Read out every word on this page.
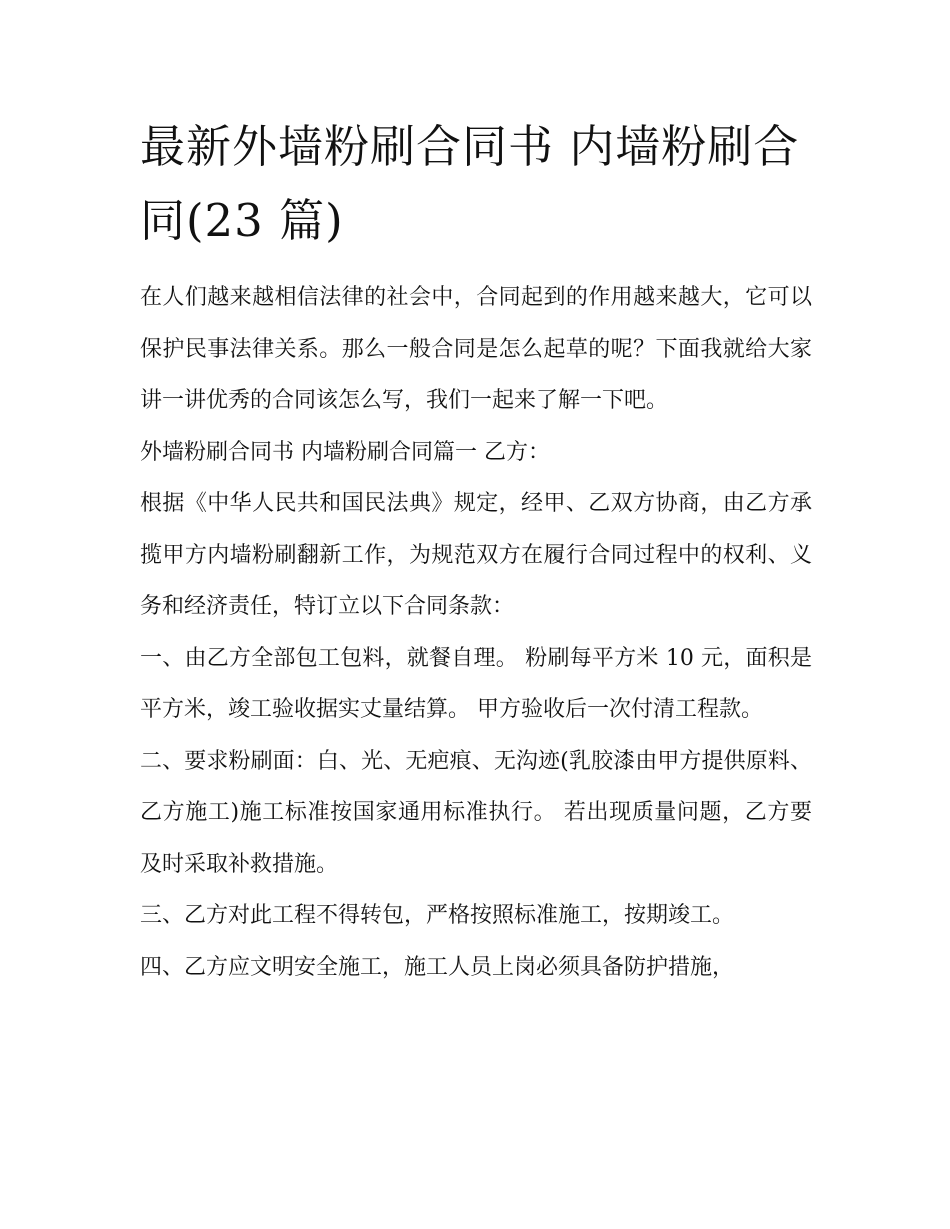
最新外墙粉刷合同书 内墙粉刷合同(23 篇)

在人们越来越相信法律的社会中，合同起到的作用越来越大，它可以保护民事法律关系。那么一般合同是怎么起草的呢？下面我就给大家讲一讲优秀的合同该怎么写，我们一起来了解一下吧。

外墙粉刷合同书 内墙粉刷合同篇一 乙方：

根据《中华人民共和国民法典》规定，经甲、乙双方协商，由乙方承揽甲方内墙粉刷翻新工作，为规范双方在履行合同过程中的权利、义务和经济责任，特订立以下合同条款：

一、由乙方全部包工包料，就餐自理。 粉刷每平方米 10 元，面积是平方米，竣工验收据实丈量结算。 甲方验收后一次付清工程款。

二、要求粉刷面：白、光、无疤痕、无沟迹(乳胶漆由甲方提供原料、乙方施工)施工标准按国家通用标准执行。 若出现质量问题，乙方要及时采取补救措施。

三、乙方对此工程不得转包，严格按照标准施工，按期竣工。

四、乙方应文明安全施工，施工人员上岗必须具备防护措施，
